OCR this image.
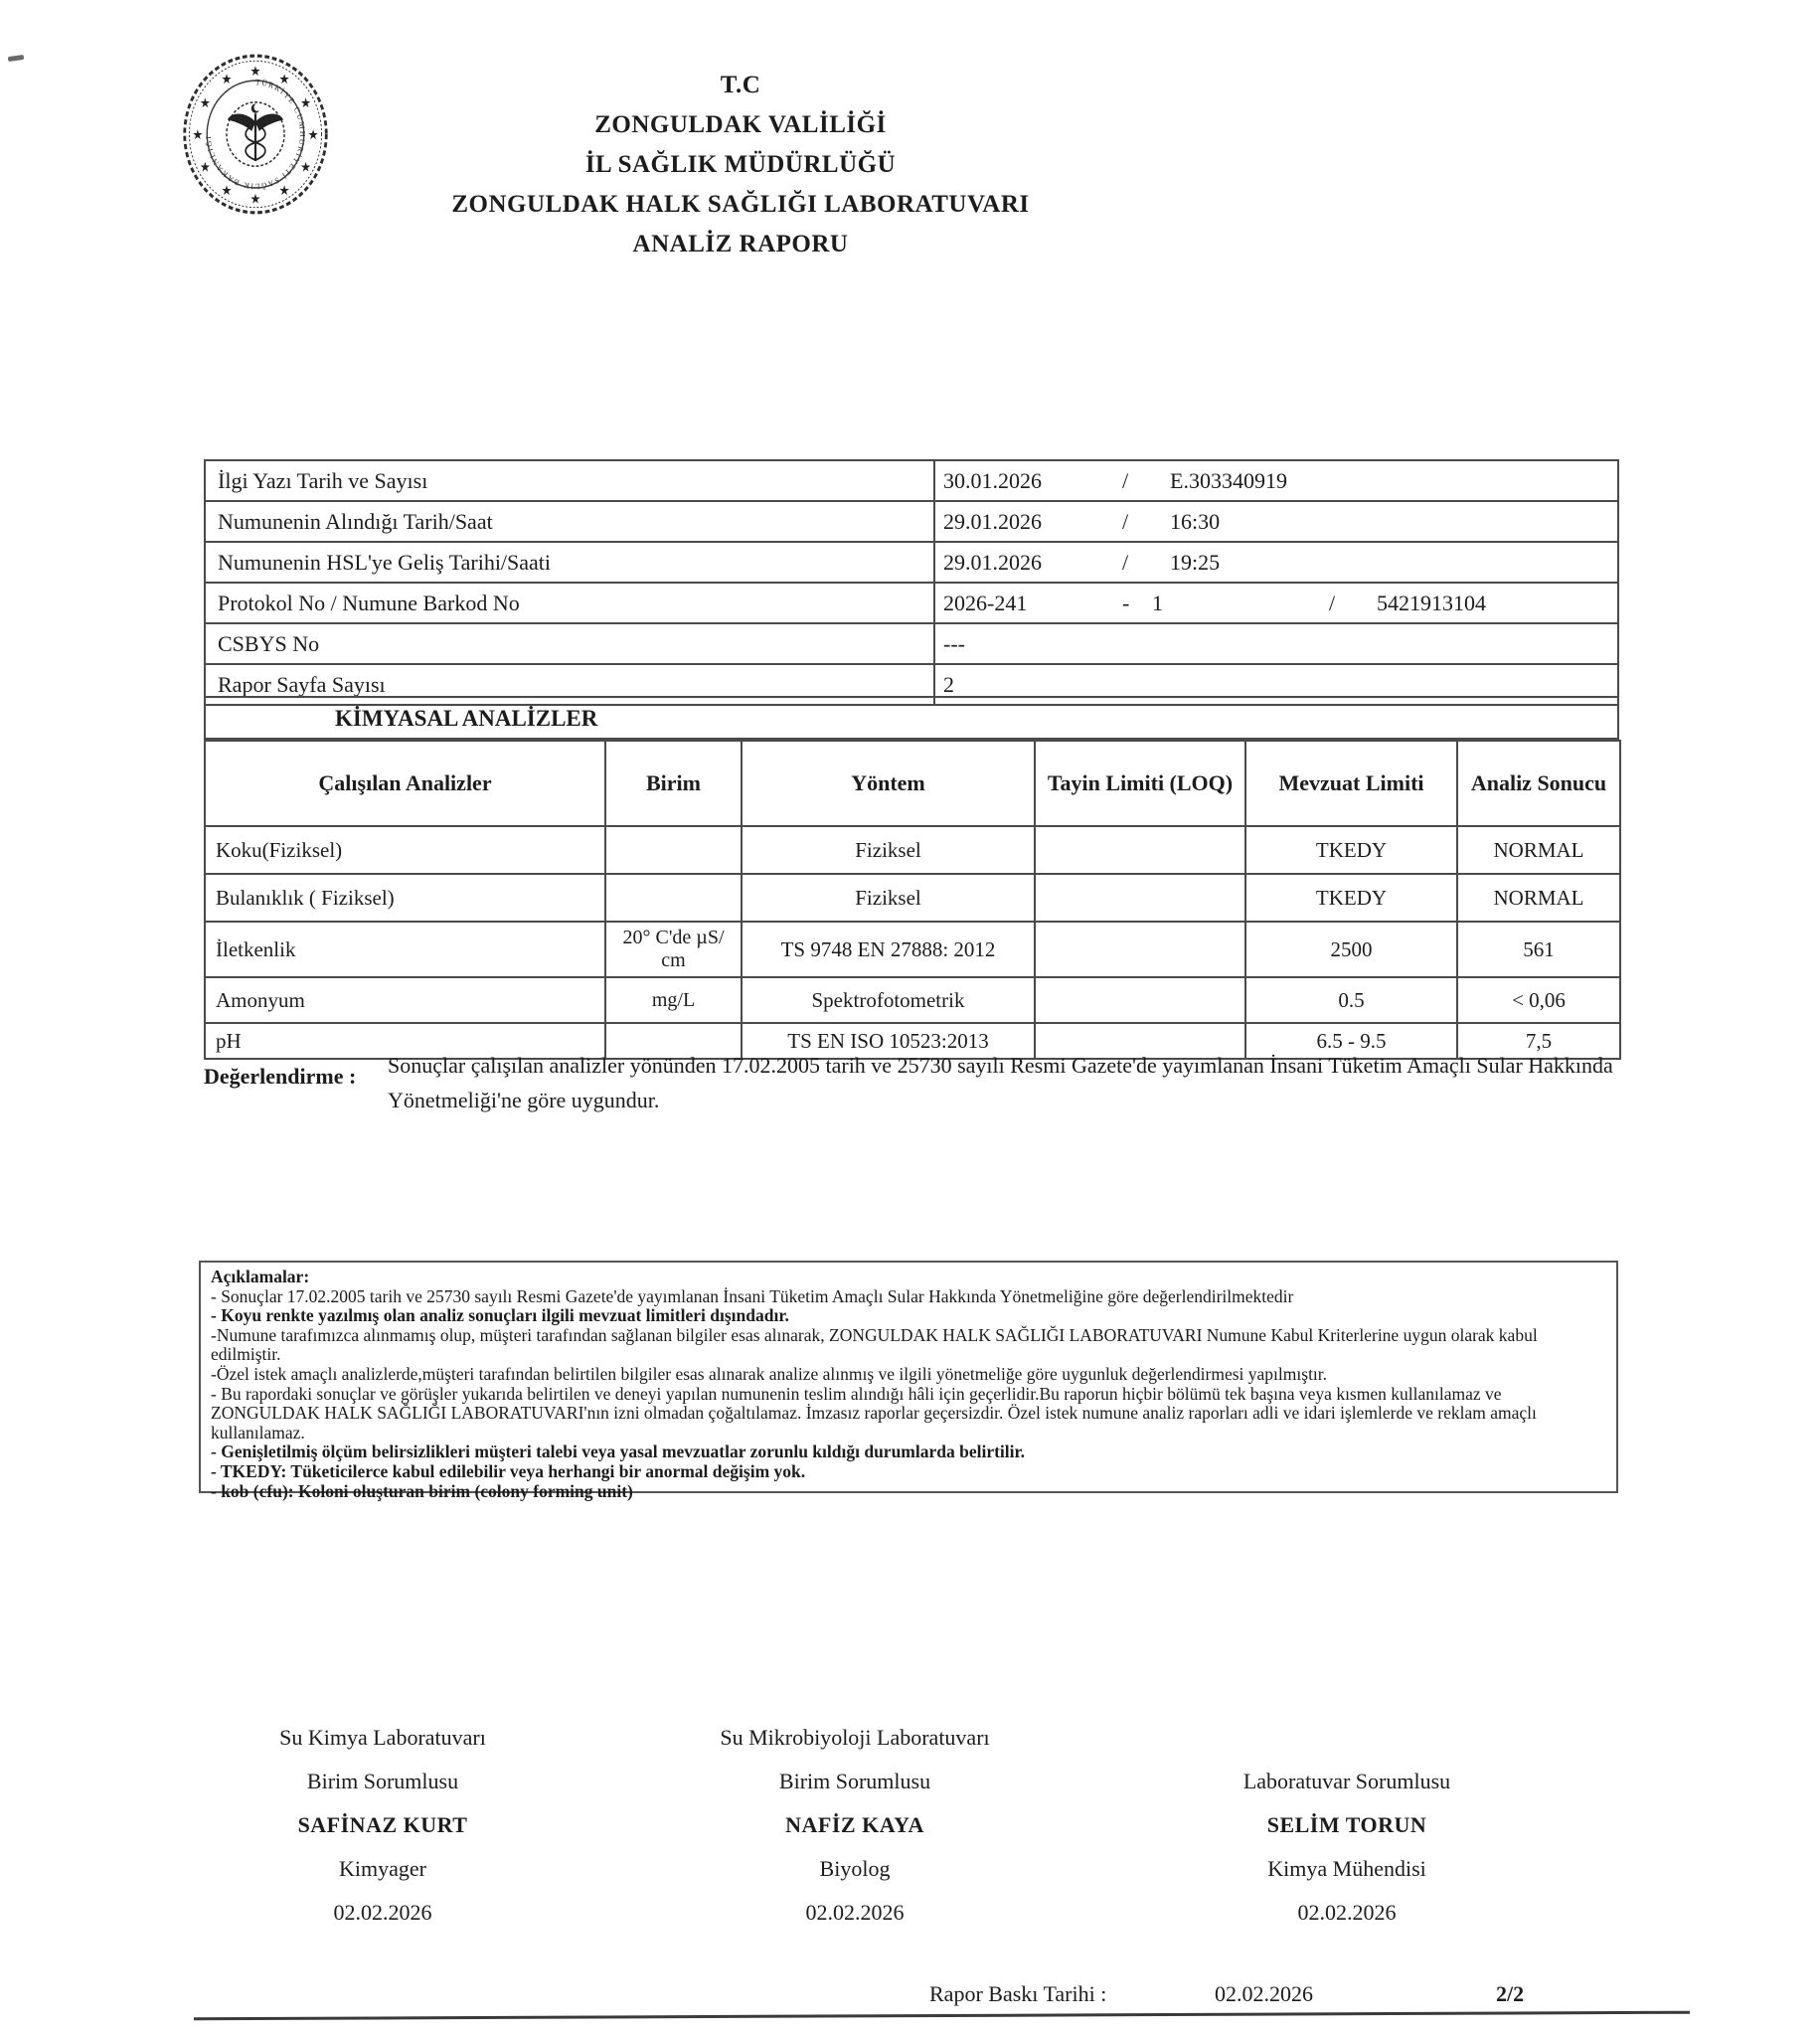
★
★
★
★
★
★
★
★
★
★
★
★	TÜRKİYE CUMHURİYETİ SAĞLIK BAKANLIĞI
T.C
ZONGULDAK VALİLİĞİ
İL SAĞLIK MÜDÜRLÜĞÜ
ZONGULDAK HALK SAĞLIĞI LABORATUVARI
ANALİZ RAPORU
İlgi Yazı Tarih ve Sayısı	30.01.2026 / E.303340919
Numunenin Alındığı Tarih/Saat	29.01.2026 / 16:30
Numunenin HSL'ye Geliş Tarihi/Saati	29.01.2026 / 19:25
Protokol No / Numune Barkod No	2026-241 - 1 / 5421913104
CSBYS No	---
Rapor Sayfa Sayısı	2
KİMYASAL ANALİZLER
Çalışılan Analizler	Birim	Yöntem	Tayin Limiti (LOQ)	Mevzuat Limiti	Analiz Sonucu
Koku(Fiziksel)		Fiziksel		TKEDY	NORMAL
Bulanıklık ( Fiziksel)		Fiziksel		TKEDY	NORMAL
İletkenlik	20° C'de µS/ cm	TS 9748 EN 27888: 2012		2500	561
Amonyum	mg/L	Spektrofotometrik		0.5	< 0,06
pH		TS EN ISO 10523:2013		6.5 - 9.5	7,5
Değerlendirme : Sonuçlar çalışılan analizler yönünden 17.02.2005 tarih ve 25730 sayılı Resmi Gazete'de yayımlanan İnsani Tüketim Amaçlı Sular Hakkında Yönetmeliği'ne göre uygundur.
Açıklamalar:
- Sonuçlar 17.02.2005 tarih ve 25730 sayılı Resmi Gazete'de yayımlanan İnsani Tüketim Amaçlı Sular Hakkında Yönetmeliğine göre değerlendirilmektedir
- Koyu renkte yazılmış olan analiz sonuçları ilgili mevzuat limitleri dışındadır.
-Numune tarafımızca alınmamış olup, müşteri tarafından sağlanan bilgiler esas alınarak, ZONGULDAK HALK SAĞLIĞI LABORATUVARI Numune Kabul Kriterlerine uygun olarak kabul edilmiştir.
-Özel istek amaçlı analizlerde,müşteri tarafından belirtilen bilgiler esas alınarak analize alınmış ve ilgili yönetmeliğe göre uygunluk değerlendirmesi yapılmıştır.
- Bu rapordaki sonuçlar ve görüşler yukarıda belirtilen ve deneyi yapılan numunenin teslim alındığı hâli için geçerlidir.Bu raporun hiçbir bölümü tek başına veya kısmen kullanılamaz ve ZONGULDAK HALK SAĞLIĞI LABORATUVARI'nın izni olmadan çoğaltılamaz. İmzasız raporlar geçersizdir. Özel istek numune analiz raporları adli ve idari işlemlerde ve reklam amaçlı kullanılamaz.
- Genişletilmiş ölçüm belirsizlikleri müşteri talebi veya yasal mevzuatlar zorunlu kıldığı durumlarda belirtilir.
- TKEDY: Tüketicilerce kabul edilebilir veya herhangi bir anormal değişim yok.
- kob (cfu): Koloni oluşturan birim (colony forming unit)
Su Kimya Laboratuvarı
Birim Sorumlusu
SAFİNAZ KURT
Kimyager
02.02.2026
Su Mikrobiyoloji Laboratuvarı
Birim Sorumlusu
NAFİZ KAYA
Biyolog
02.02.2026
Laboratuvar Sorumlusu
SELİM TORUN
Kimya Mühendisi
02.02.2026
Rapor Baskı Tarihi :	02.02.2026	2/2
